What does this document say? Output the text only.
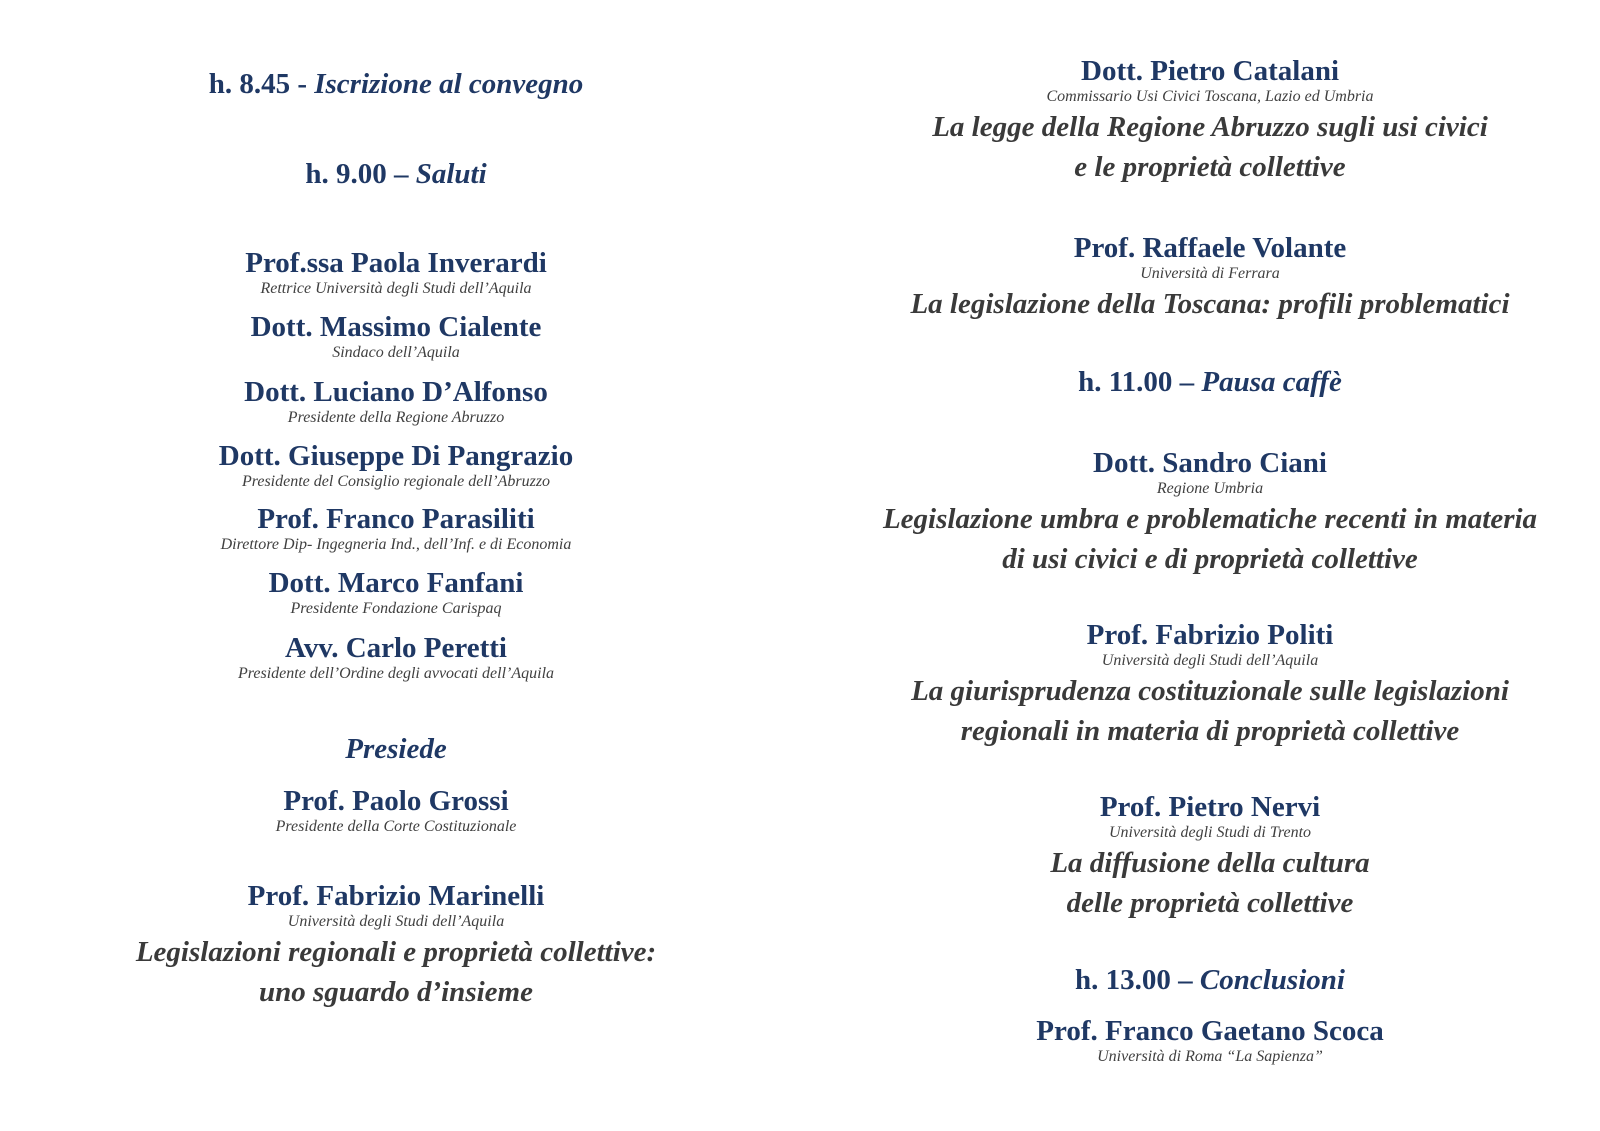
h. 8.45 - Iscrizione al convegno

h. 9.00 – Saluti

Prof.ssa Paola Inverardi

Rettrice Università degli Studi dell’Aquila

Dott. Massimo Cialente

Sindaco dell’Aquila

Dott. Luciano D’Alfonso

Presidente della Regione Abruzzo

Dott. Giuseppe Di Pangrazio

Presidente del Consiglio regionale dell’Abruzzo

Prof. Franco Parasiliti

Direttore Dip- Ingegneria Ind., dell’Inf. e di Economia

Dott. Marco Fanfani

Presidente Fondazione Carispaq

Avv. Carlo Peretti

Presidente dell’Ordine degli avvocati dell’Aquila

Presiede

Prof. Paolo Grossi

Presidente della Corte Costituzionale

Prof. Fabrizio Marinelli

Università degli Studi dell’Aquila

Legislazioni regionali e proprietà collettive:

uno sguardo d’insieme

Dott. Pietro Catalani

Commissario Usi Civici Toscana, Lazio ed Umbria

La legge della Regione Abruzzo sugli usi civici

e le proprietà collettive

Prof. Raffaele Volante

Università di Ferrara

La legislazione della Toscana: profili problematici

h. 11.00 – Pausa caffè

Dott. Sandro Ciani

Regione Umbria

Legislazione umbra e problematiche recenti in materia

di usi civici e di proprietà collettive

Prof. Fabrizio Politi

Università degli Studi dell’Aquila

La giurisprudenza costituzionale sulle legislazioni

regionali in materia di proprietà collettive

Prof. Pietro Nervi

Università degli Studi di Trento

La diffusione della cultura

delle proprietà collettive

h. 13.00 – Conclusioni

Prof. Franco Gaetano Scoca

Università di Roma “La Sapienza”
